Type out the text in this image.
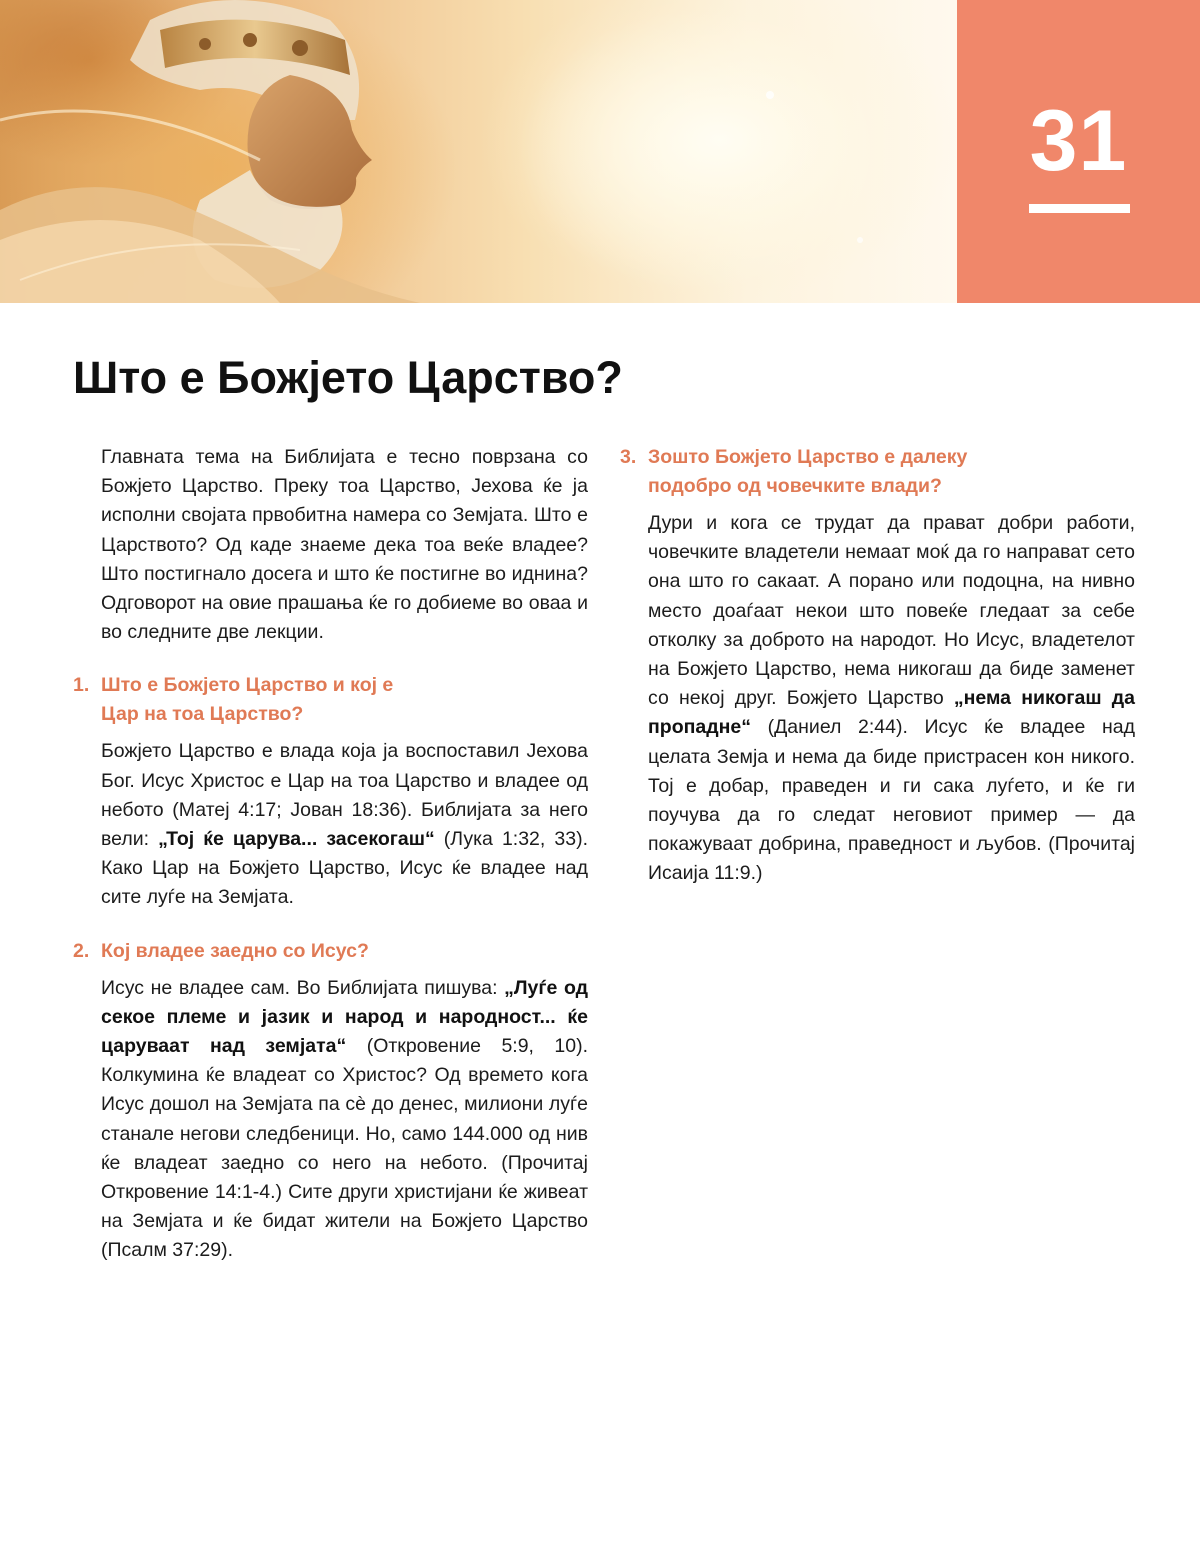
31
Што е Божјето Царство?

Главната тема на Библијата е тесно поврзана со Божјето Царство. Преку тоа Царство, Јехова ќе ја исполни својата првобитна намера со Земјата. Што е Царството? Од каде знаеме дека тоа веќе владее? Што постигнало досега и што ќе постигне во иднина? Одговорот на овие прашања ќе го добиеме во оваа и во следните две лекции.

1. Што е Божјето Царство и кој е Цар на тоа Царство?

Божјето Царство е влада која ја воспоставил Јехова Бог. Исус Христос е Цар на тоа Царство и владее од небото (Матеј 4:17; Јован 18:36). Библијата за него вели: „Тој ќе царува... засекогаш“ (Лука 1:32, 33). Како Цар на Божјето Царство, Исус ќе владее над сите луѓе на Земјата.

2. Кој владее заедно со Исус?

Исус не владее сам. Во Библијата пишува: „Луѓе од секое племе и јазик и народ и народност... ќе царуваат над земјата“ (Откровение 5:9, 10). Колкумина ќе владеат со Христос? Од времето кога Исус дошол на Земјата па сè до денес, милиони луѓе станале негови следбеници. Но, само 144.000 од нив ќе владеат заедно со него на небото. (Прочитај Откровение 14:1-4.) Сите други христијани ќе живеат на Земјата и ќе бидат жители на Божјето Царство (Псалм 37:29).

3. Зошто Божјето Царство е далеку подобро од човечките влади?

Дури и кога се трудат да прават добри работи, човечките владетели немаат моќ да го направат сето она што го сакаат. А порано или подоцна, на нивно место доаѓаат некои што повеќе гледаат за себе отколку за доброто на народот. Но Исус, владетелот на Божјето Царство, нема никогаш да биде заменет со некој друг. Божјето Царство „нема никогаш да пропадне“ (Даниел 2:44). Исус ќе владее над целата Земја и нема да биде пристрасен кон никого. Тој е добар, праведен и ги сака луѓето, и ќе ги поучува да го следат неговиот пример — да покажуваат добрина, праведност и љубов. (Прочитај Исаија 11:9.)
